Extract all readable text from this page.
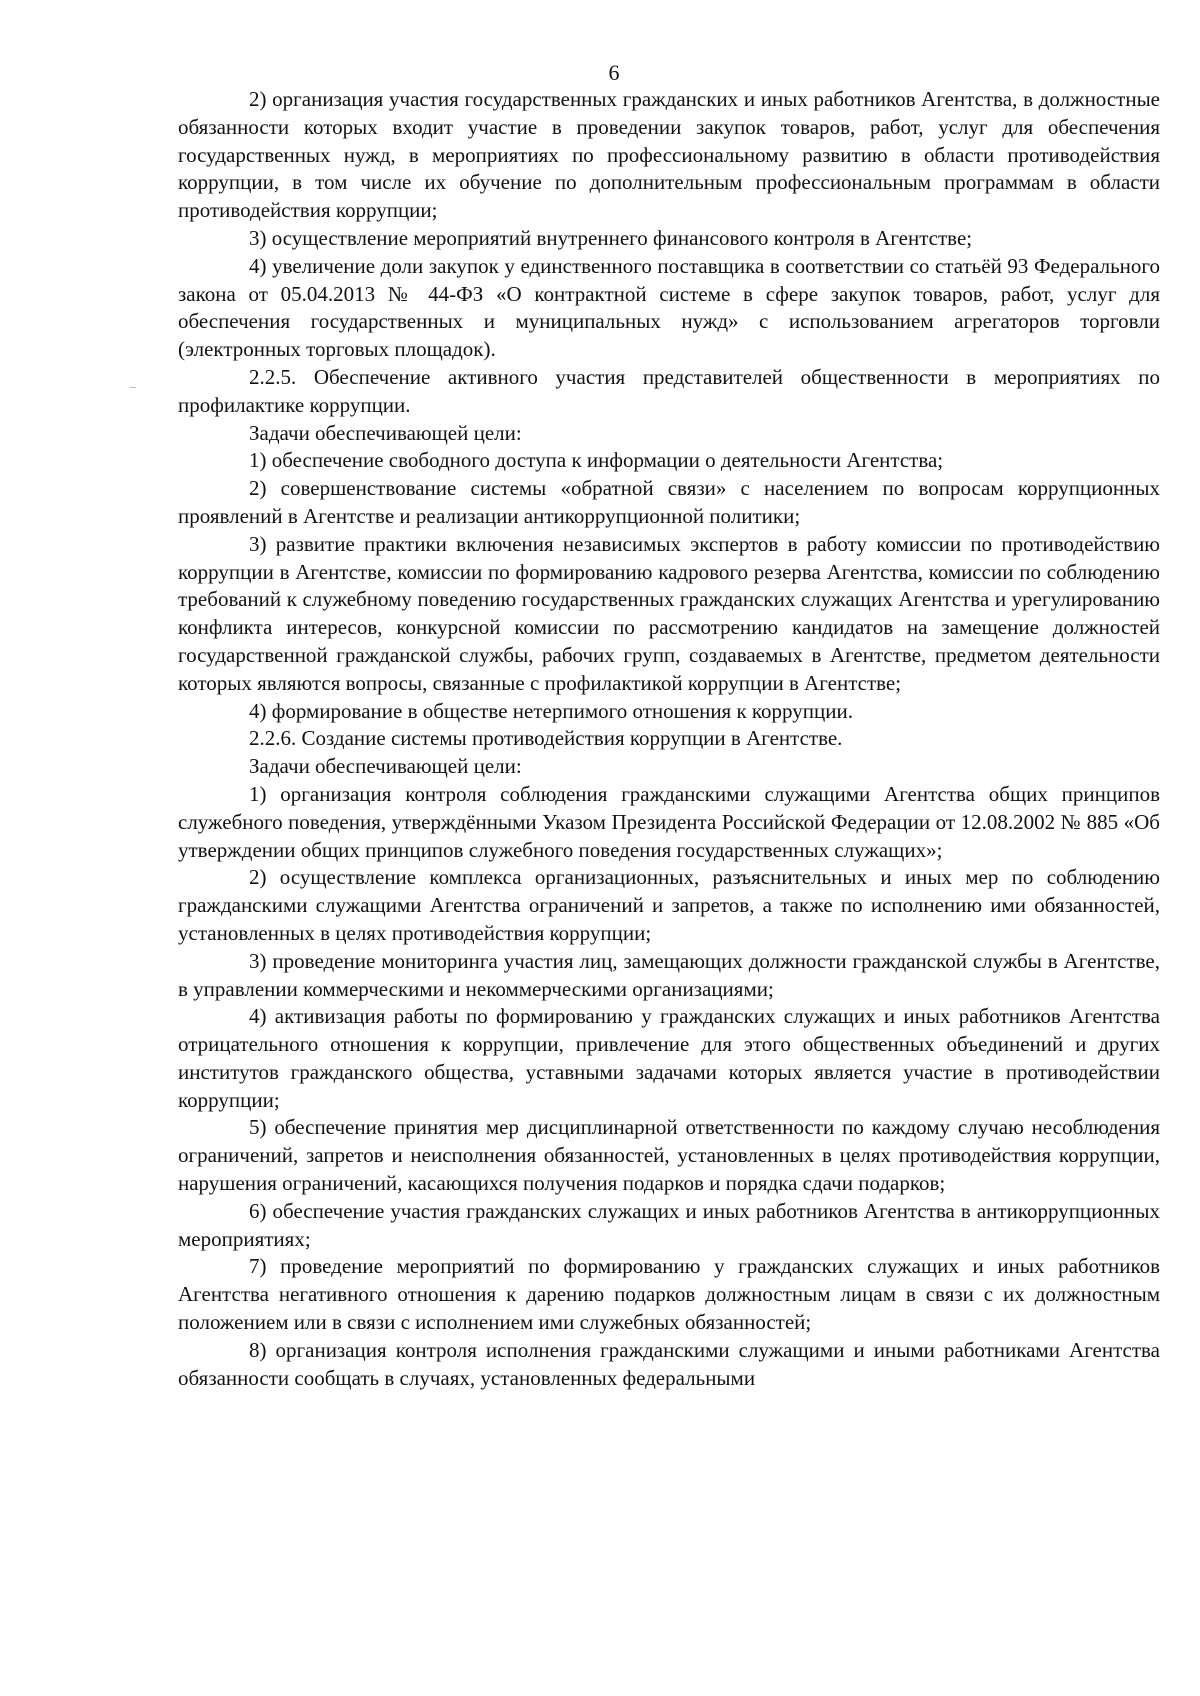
6

2) организация участия государственных гражданских и иных работников Агентства, в должностные обязанности которых входит участие в проведении закупок товаров, работ, услуг для обеспечения государственных нужд, в мероприятиях по профессиональному развитию в области противодействия коррупции, в том числе их обучение по дополнительным профессиональным программам в области противодействия коррупции;

3) осуществление мероприятий внутреннего финансового контроля в Агентстве;

4) увеличение доли закупок у единственного поставщика в соответствии со статьёй 93 Федерального закона от 05.04.2013 № 44-ФЗ «О контрактной системе в сфере закупок товаров, работ, услуг для обеспечения государственных и муниципальных нужд» с использованием агрегаторов торговли (электронных торговых площадок).

2.2.5. Обеспечение активного участия представителей общественности в мероприятиях по профилактике коррупции.

Задачи обеспечивающей цели:

1) обеспечение свободного доступа к информации о деятельности Агентства;

2) совершенствование системы «обратной связи» с населением по вопросам коррупционных проявлений в Агентстве и реализации антикоррупционной политики;

3) развитие практики включения независимых экспертов в работу комиссии по противодействию коррупции в Агентстве, комиссии по формированию кадрового резерва Агентства, комиссии по соблюдению требований к служебному поведению государственных гражданских служащих Агентства и урегулированию конфликта интересов, конкурсной комиссии по рассмотрению кандидатов на замещение должностей государственной гражданской службы, рабочих групп, создаваемых в Агентстве, предметом деятельности которых являются вопросы, связанные с профилактикой коррупции в Агентстве;

4) формирование в обществе нетерпимого отношения к коррупции.

2.2.6. Создание системы противодействия коррупции в Агентстве.

Задачи обеспечивающей цели:

1) организация контроля соблюдения гражданскими служащими Агентства общих принципов служебного поведения, утверждёнными Указом Президента Российской Федерации от 12.08.2002 № 885 «Об утверждении общих принципов служебного поведения государственных служащих»;

2) осуществление комплекса организационных, разъяснительных и иных мер по соблюдению гражданскими служащими Агентства ограничений и запретов, а также по исполнению ими обязанностей, установленных в целях противодействия коррупции;

3) проведение мониторинга участия лиц, замещающих должности гражданской службы в Агентстве, в управлении коммерческими и некоммерческими организациями;

4) активизация работы по формированию у гражданских служащих и иных работников Агентства отрицательного отношения к коррупции, привлечение для этого общественных объединений и других институтов гражданского общества, уставными задачами которых является участие в противодействии коррупции;

5) обеспечение принятия мер дисциплинарной ответственности по каждому случаю несоблюдения ограничений, запретов и неисполнения обязанностей, установленных в целях противодействия коррупции, нарушения ограничений, касающихся получения подарков и порядка сдачи подарков;

6) обеспечение участия гражданских служащих и иных работников Агентства в антикоррупционных мероприятиях;

7) проведение мероприятий по формированию у гражданских служащих и иных работников Агентства негативного отношения к дарению подарков должностным лицам в связи с их должностным положением или в связи с исполнением ими служебных обязанностей;

8) организация контроля исполнения гражданскими служащими и иными работниками Агентства обязанности сообщать в случаях, установленных федеральными
